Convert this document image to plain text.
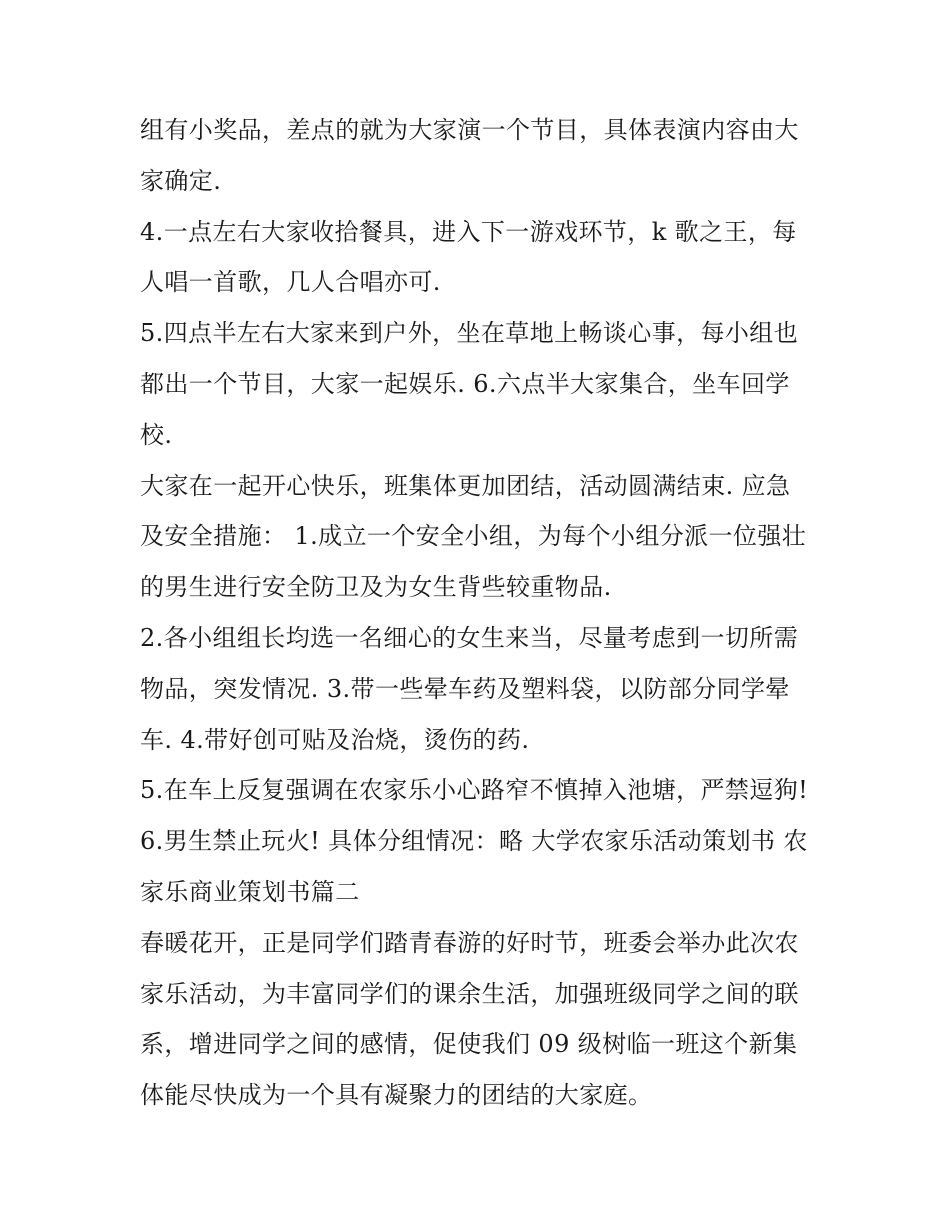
组有小奖品，差点的就为大家演一个节目，具体表演内容由大
家确定.
4.一点左右大家收拾餐具，进入下一游戏环节，k 歌之王，每
人唱一首歌，几人合唱亦可.
5.四点半左右大家来到户外，坐在草地上畅谈心事，每小组也
都出一个节目，大家一起娱乐. 6.六点半大家集合，坐车回学
校.
大家在一起开心快乐，班集体更加团结，活动圆满结束. 应急
及安全措施： 1.成立一个安全小组，为每个小组分派一位强壮
的男生进行安全防卫及为女生背些较重物品.
2.各小组组长均选一名细心的女生来当，尽量考虑到一切所需
物品，突发情况. 3.带一些晕车药及塑料袋，以防部分同学晕
车. 4.带好创可贴及治烧，烫伤的药.
5.在车上反复强调在农家乐小心路窄不慎掉入池塘，严禁逗狗!
6.男生禁止玩火! 具体分组情况：略 大学农家乐活动策划书 农
家乐商业策划书篇二
春暖花开，正是同学们踏青春游的好时节，班委会举办此次农
家乐活动，为丰富同学们的课余生活，加强班级同学之间的联
系，增进同学之间的感情，促使我们 09 级树临一班这个新集
体能尽快成为一个具有凝聚力的团结的大家庭。
